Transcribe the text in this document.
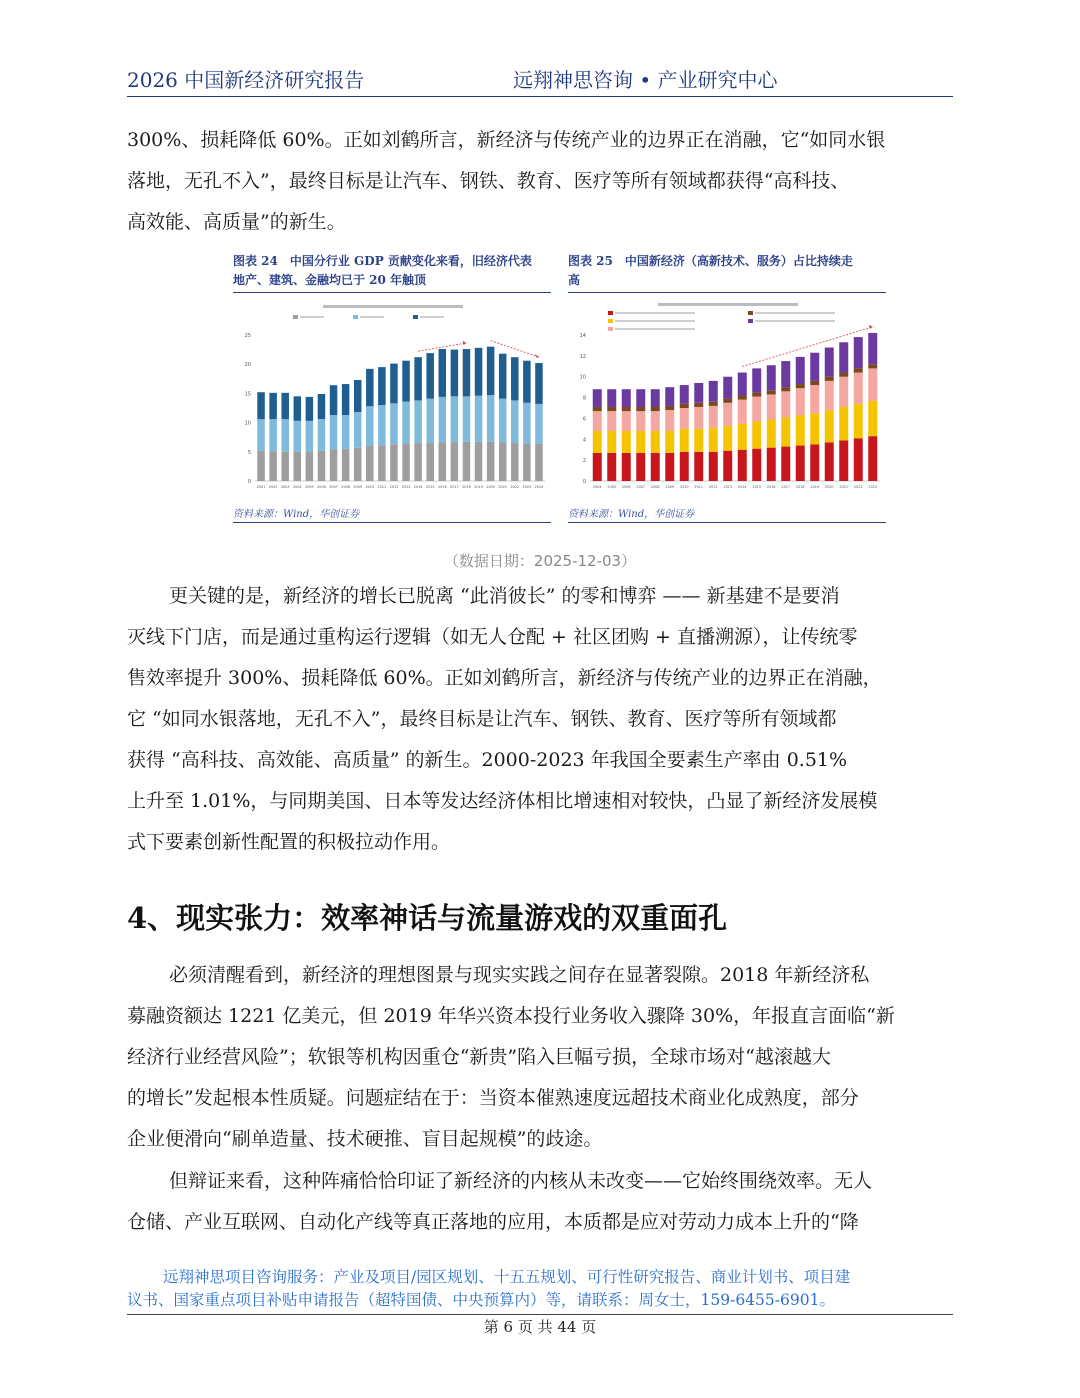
2026 中国新经济研究报告	远翔神思咨询 • 产业研究中心
300%、损耗降低 60%。正如刘鹤所言，新经济与传统产业的边界正在消融，它“如同水银
落地，无孔不入”，最终目标是让汽车、钢铁、教育、医疗等所有领域都获得“高科技、
高效能、高质量”的新生。
图表 24　中国分行业 GDP 贡献变化来看，旧经济代表
地产、建筑、金融均已于 20 年触顶
0
5
10
15
20
25
2001 2002 2003 2004 2005 2006 2007 2008 2009 2010 2011 2012 2013 2014 2015 2016 2017 2018 2019 2020 2021 2022 2023 2024
资料来源：Wind，华创证券
图表 25　中国新经济（高新技术、服务）占比持续走
高
0
2
4
6
8
10
12
14
2004 2005 2006 2007 2008 2009 2010 2011 2012 2013 2014 2015 2016 2017 2018 2019 2020 2021 2022 2023
资料来源：Wind，华创证券
（数据日期：2025-12-03）
更关键的是，新经济的增长已脱离 “此消彼长” 的零和博弈 —— 新基建不是要消
灭线下门店，而是通过重构运行逻辑（如无人仓配 + 社区团购 + 直播溯源），让传统零
售效率提升 300%、损耗降低 60%。正如刘鹤所言，新经济与传统产业的边界正在消融，
它 “如同水银落地，无孔不入”，最终目标是让汽车、钢铁、教育、医疗等所有领域都
获得 “高科技、高效能、高质量” 的新生。2000-2023 年我国全要素生产率由 0.51%
上升至 1.01%，与同期美国、日本等发达经济体相比增速相对较快，凸显了新经济发展模
式下要素创新性配置的积极拉动作用。
4、现实张力：效率神话与流量游戏的双重面孔
必须清醒看到，新经济的理想图景与现实实践之间存在显著裂隙。2018 年新经济私
募融资额达 1221 亿美元，但 2019 年华兴资本投行业务收入骤降 30%，年报直言面临“新
经济行业经营风险”；软银等机构因重仓“新贵”陷入巨幅亏损，全球市场对“越滚越大
的增长”发起根本性质疑。问题症结在于：当资本催熟速度远超技术商业化成熟度，部分
企业便滑向“刷单造量、技术硬推、盲目起规模”的歧途。
但辩证来看，这种阵痛恰恰印证了新经济的内核从未改变——它始终围绕效率。无人
仓储、产业互联网、自动化产线等真正落地的应用，本质都是应对劳动力成本上升的“降
远翔神思项目咨询服务：产业及项目/园区规划、十五五规划、可行性研究报告、商业计划书、项目建
议书、国家重点项目补贴申请报告（超特国债、中央预算内）等，请联系：周女士，159-6455-6901。
第 6 页 共 44 页
